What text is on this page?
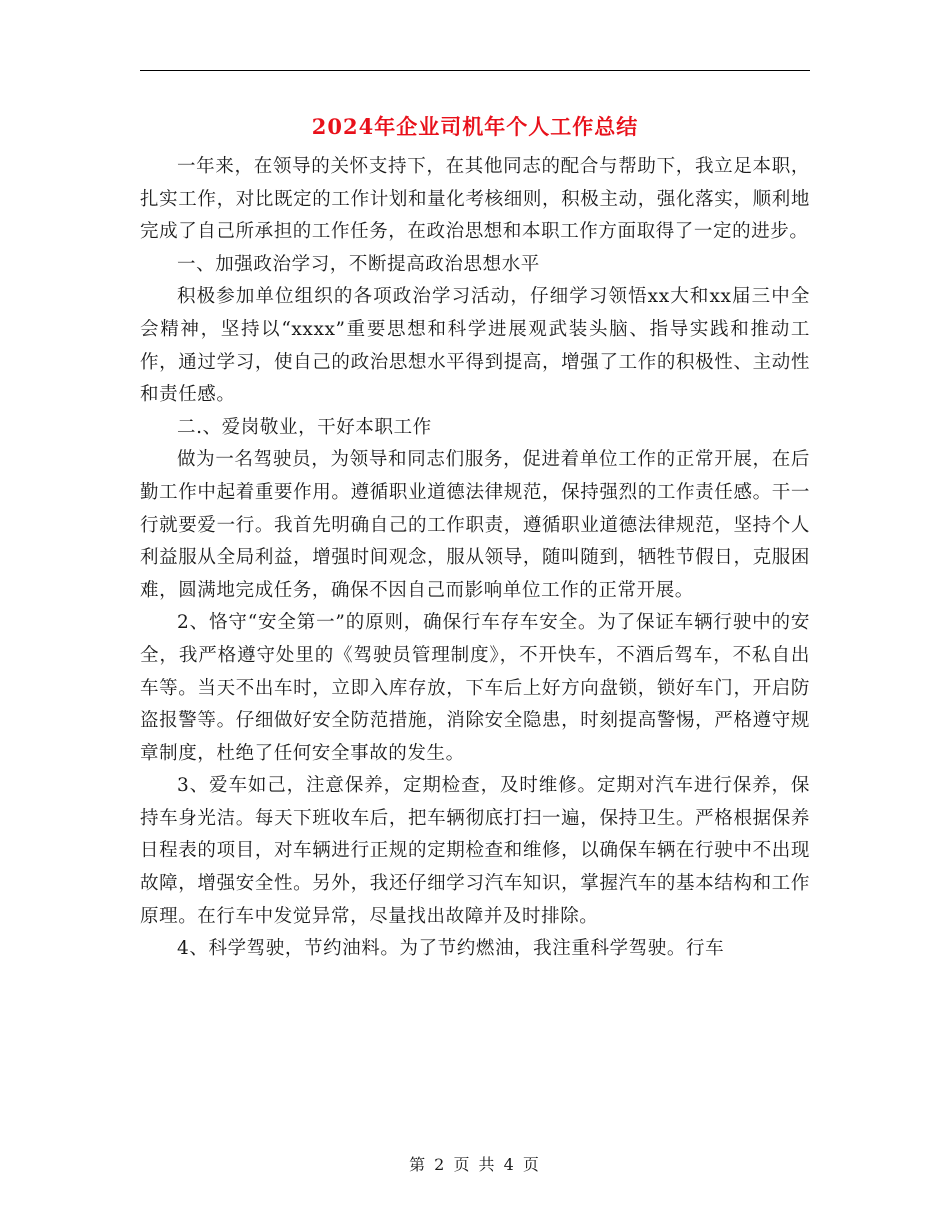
2024年企业司机年个人工作总结

一年来，在领导的关怀支持下，在其他同志的配合与帮助下，我立足本职，扎实工作，对比既定的工作计划和量化考核细则，积极主动，强化落实，顺利地完成了自己所承担的工作任务，在政治思想和本职工作方面取得了一定的进步。

一、加强政治学习，不断提高政治思想水平

积极参加单位组织的各项政治学习活动，仔细学习领悟xx大和xx届三中全会精神，坚持以“xxxx”重要思想和科学进展观武装头脑、指导实践和推动工作，通过学习，使自己的政治思想水平得到提高，增强了工作的积极性、主动性和责任感。

二.、爱岗敬业，干好本职工作

做为一名驾驶员，为领导和同志们服务，促进着单位工作的正常开展，在后勤工作中起着重要作用。遵循职业道德法律规范，保持强烈的工作责任感。干一行就要爱一行。我首先明确自己的工作职责，遵循职业道德法律规范，坚持个人利益服从全局利益，增强时间观念，服从领导，随叫随到，牺牲节假日，克服困难，圆满地完成任务，确保不因自己而影响单位工作的正常开展。

2、恪守“安全第一”的原则，确保行车存车安全。为了保证车辆行驶中的安全，我严格遵守处里的《驾驶员管理制度》，不开快车，不酒后驾车，不私自出车等。当天不出车时，立即入库存放，下车后上好方向盘锁，锁好车门，开启防盗报警等。仔细做好安全防范措施，消除安全隐患，时刻提高警惕，严格遵守规章制度，杜绝了任何安全事故的发生。

3、爱车如己，注意保养，定期检查，及时维修。定期对汽车进行保养，保持车身光洁。每天下班收车后，把车辆彻底打扫一遍，保持卫生。严格根据保养日程表的项目，对车辆进行正规的定期检查和维修，以确保车辆在行驶中不出现故障，增强安全性。另外，我还仔细学习汽车知识，掌握汽车的基本结构和工作原理。在行车中发觉异常，尽量找出故障并及时排除。

4、科学驾驶，节约油料。为了节约燃油，我注重科学驾驶。行车

第 2 页 共 4 页
